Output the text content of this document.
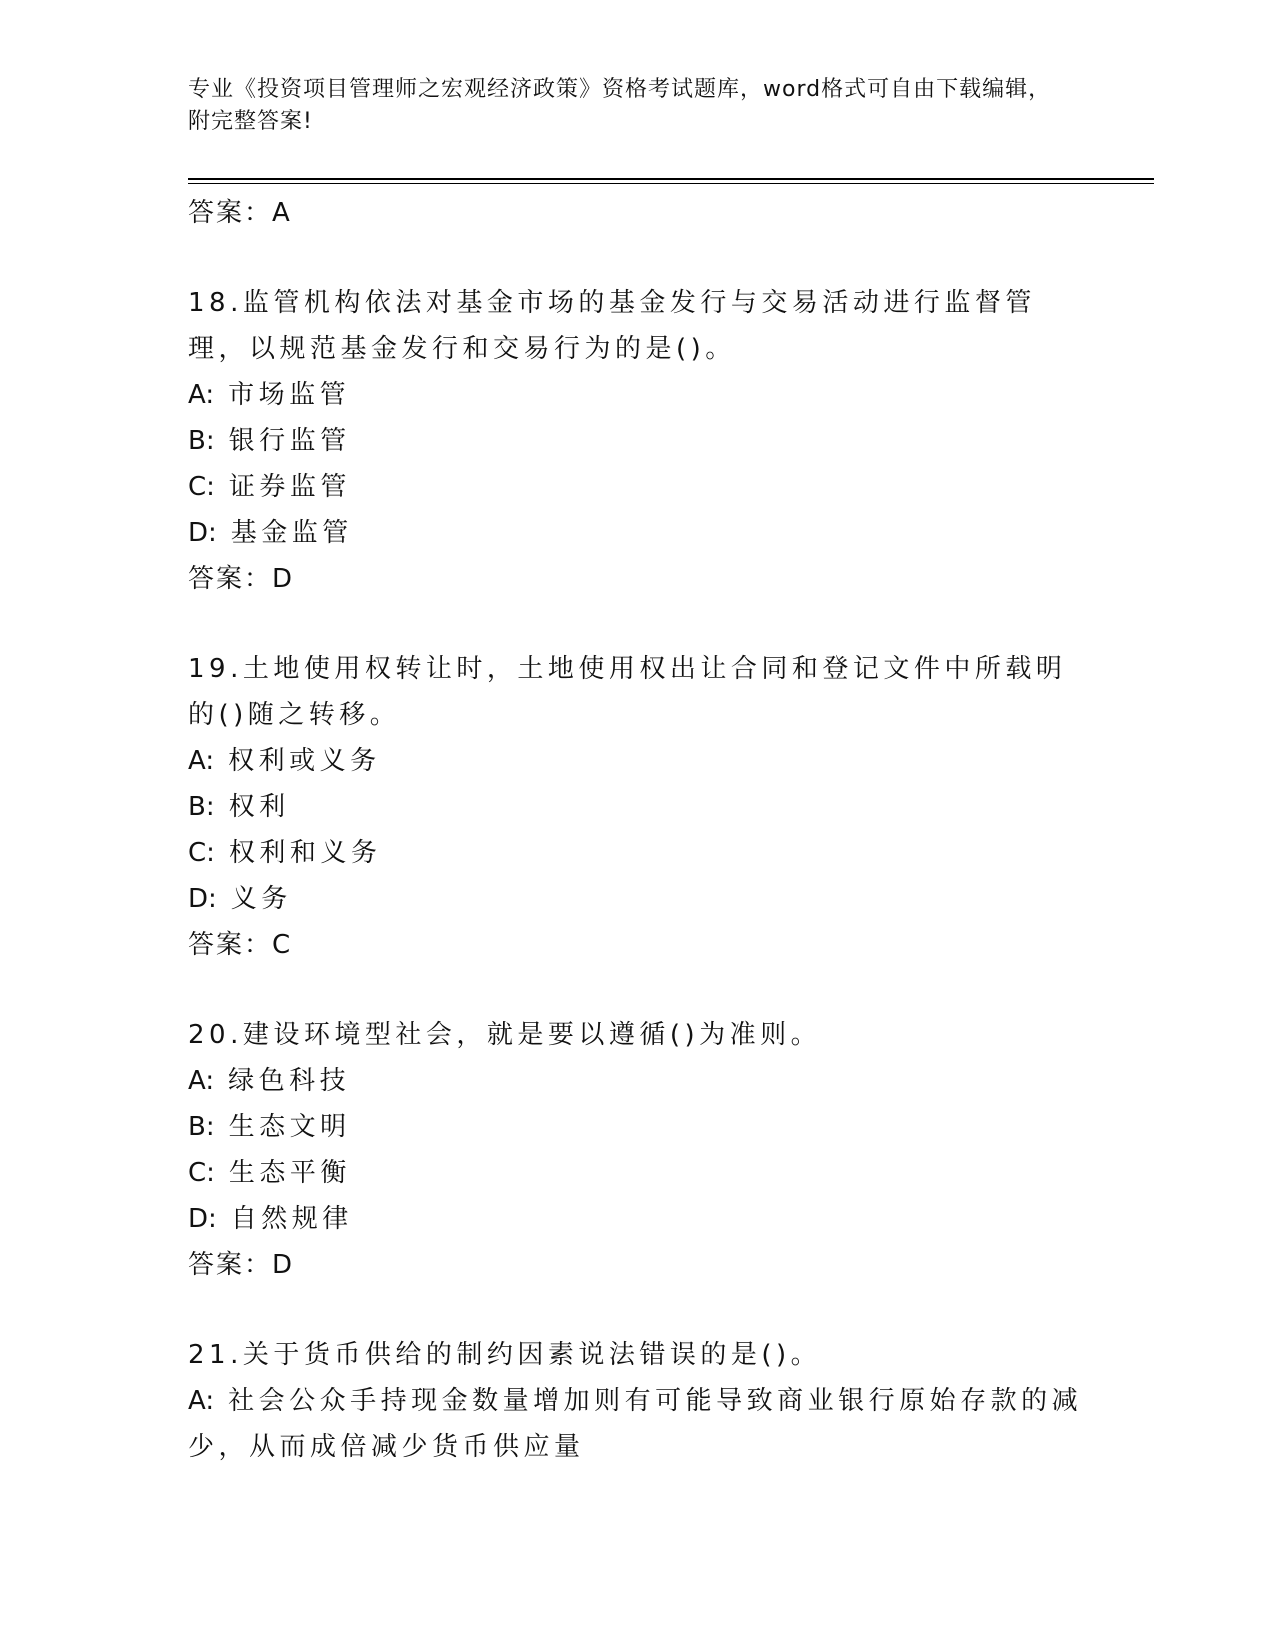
专业《投资项目管理师之宏观经济政策》资格考试题库，word格式可自由下载编辑，附完整答案!
答案：A
18.监管机构依法对基金市场的基金发行与交易活动进行监督管理，以规范基金发行和交易行为的是()。
A: 市场监管
B: 银行监管
C: 证券监管
D: 基金监管
答案：D
19.土地使用权转让时，土地使用权出让合同和登记文件中所载明的()随之转移。
A: 权利或义务
B: 权利
C: 权利和义务
D: 义务
答案：C
20.建设环境型社会，就是要以遵循()为准则。
A: 绿色科技
B: 生态文明
C: 生态平衡
D: 自然规律
答案：D
21.关于货币供给的制约因素说法错误的是()。
A: 社会公众手持现金数量增加则有可能导致商业银行原始存款的减少，从而成倍减少货币供应量
